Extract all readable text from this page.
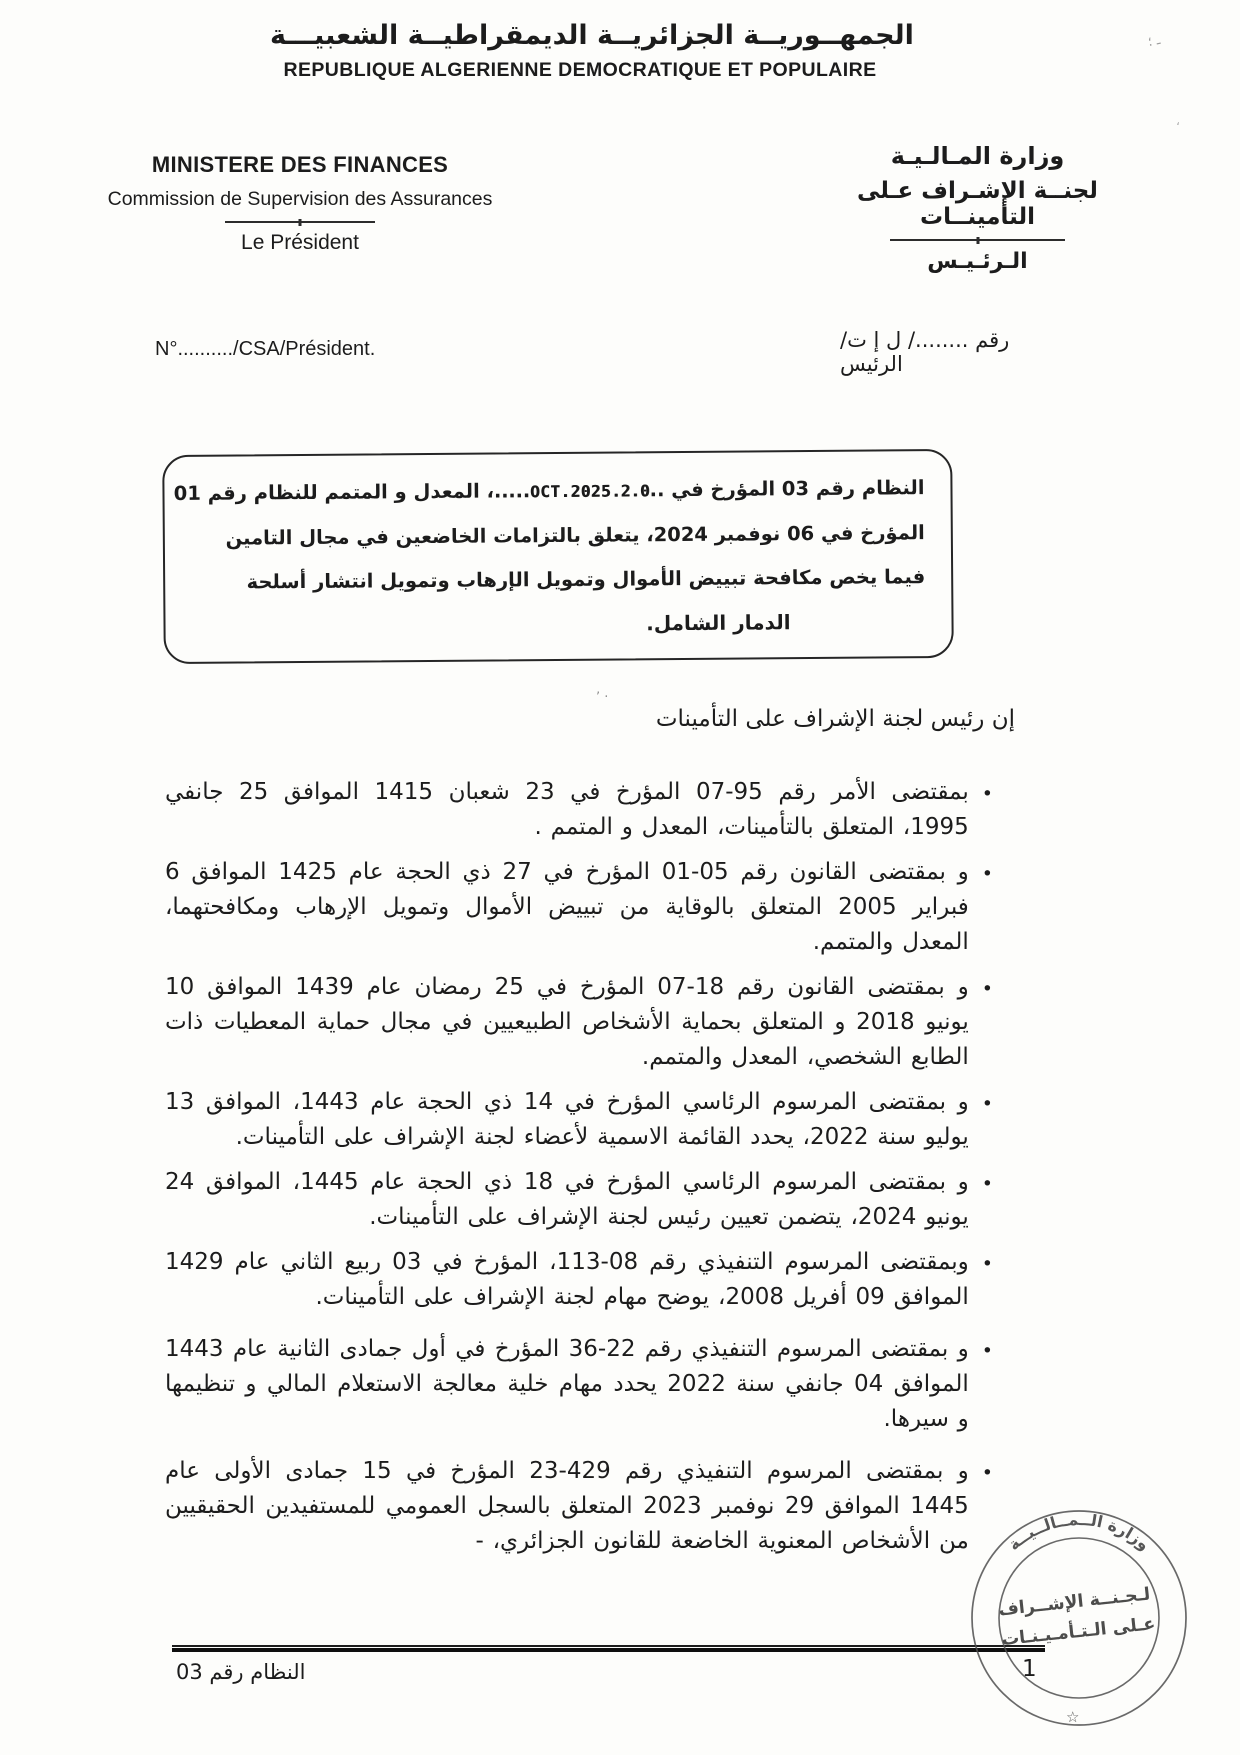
الجمهــوريــة الجزائريــة الديمقراطيــة الشعبيـــة
REPUBLIQUE ALGERIENNE DEMOCRATIQUE ET POPULAIRE
MINISTERE DES FINANCES
Commission de Supervision des Assurances
Le Président
وزارة المـالـيـة
لجنــة الإشـراف عـلى التأمينــات
الـرئـيـس
N°........../CSA/Président.	رقم ......../ ل إ ت/الرئيس
النظام رقم 03 المؤرخ في ..2.0.OCT.2025.....، المعدل و المتمم للنظام رقم 01
المؤرخ في 06 نوفمبر 2024، يتعلق بالتزامات الخاضعين في مجال التامين
فيما يخص مكافحة تبييض الأموال وتمويل الإرهاب وتمويل انتشار أسلحة
الدمار الشامل.
إن رئيس لجنة الإشراف على التأمينات
•
بمقتضى الأمر رقم 95-07 المؤرخ في 23 شعبان 1415 الموافق 25 جانفي 1995، المتعلق بالتأمينات، المعدل و المتمم .
•
و بمقتضى القانون رقم 05-01 المؤرخ في 27 ذي الحجة عام 1425 الموافق 6 فبراير 2005 المتعلق بالوقاية من تبييض الأموال وتمويل الإرهاب ومكافحتهما، المعدل والمتمم.
•
و بمقتضى القانون رقم 18-07 المؤرخ في 25 رمضان عام 1439 الموافق 10 يونيو 2018 و المتعلق بحماية الأشخاص الطبيعيين في مجال حماية المعطيات ذات الطابع الشخصي، المعدل والمتمم.
•
و بمقتضى المرسوم الرئاسي المؤرخ في 14 ذي الحجة عام 1443، الموافق 13 يوليو سنة 2022، يحدد القائمة الاسمية لأعضاء لجنة الإشراف على التأمينات.
•
و بمقتضى المرسوم الرئاسي المؤرخ في 18 ذي الحجة عام 1445، الموافق 24 يونيو 2024، يتضمن تعيين رئيس لجنة الإشراف على التأمينات.
•
وبمقتضى المرسوم التنفيذي رقم 08-113، المؤرخ في 03 ربيع الثاني عام 1429 الموافق 09 أفريل 2008، يوضح مهام لجنة الإشراف على التأمينات.
•
و بمقتضى المرسوم التنفيذي رقم 22-36 المؤرخ في أول جمادى الثانية عام 1443 الموافق 04 جانفي سنة 2022 يحدد مهام خلية معالجة الاستعلام المالي و تنظيمها و سيرها.
•
و بمقتضى المرسوم التنفيذي رقم 429-23 المؤرخ في 15 جمادى الأولى عام 1445 الموافق 29 نوفمبر 2023 المتعلق بالسجل العمومي للمستفيدين الحقيقيين من الأشخاص المعنوية الخاضعة للقانون الجزائري، -
النظام رقم 03	1
وزارة الــمــالــيــة
لـجـنــة الإشــراف
عـلى الـتـأمـيـنـات
☆
ـ ؛
،
٬ ·
